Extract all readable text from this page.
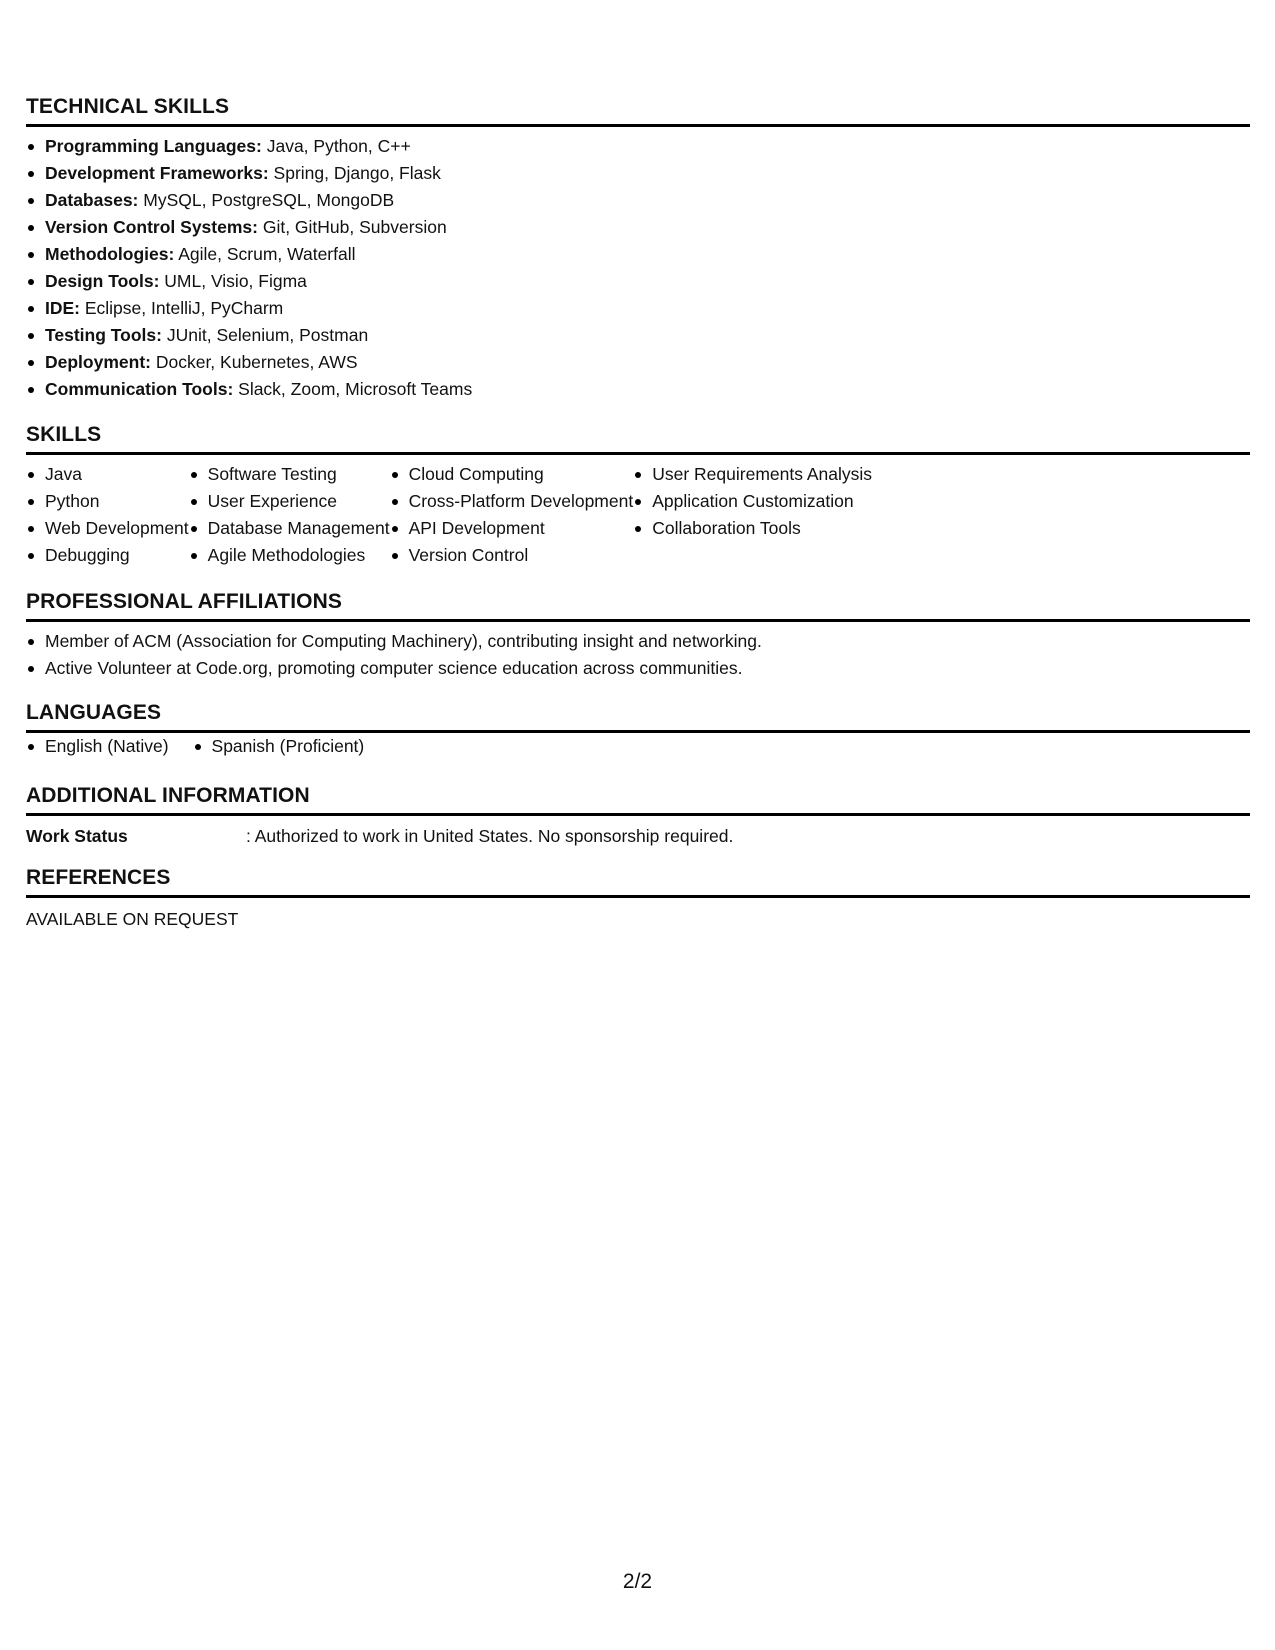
TECHNICAL SKILLS
Programming Languages: Java, Python, C++
Development Frameworks: Spring, Django, Flask
Databases: MySQL, PostgreSQL, MongoDB
Version Control Systems: Git, GitHub, Subversion
Methodologies: Agile, Scrum, Waterfall
Design Tools: UML, Visio, Figma
IDE: Eclipse, IntelliJ, PyCharm
Testing Tools: JUnit, Selenium, Postman
Deployment: Docker, Kubernetes, AWS
Communication Tools: Slack, Zoom, Microsoft Teams
SKILLS
Java
Python
Web Development
Debugging
Software Testing
User Experience
Database Management
Agile Methodologies
Cloud Computing
Cross-Platform Development
API Development
Version Control
User Requirements Analysis
Application Customization
Collaboration Tools
PROFESSIONAL AFFILIATIONS
Member of ACM (Association for Computing Machinery), contributing insight and networking.
Active Volunteer at Code.org, promoting computer science education across communities.
LANGUAGES
English (Native)	Spanish (Proficient)
ADDITIONAL INFORMATION
Work Status	: Authorized to work in United States. No sponsorship required.
REFERENCES
AVAILABLE ON REQUEST
2/2
